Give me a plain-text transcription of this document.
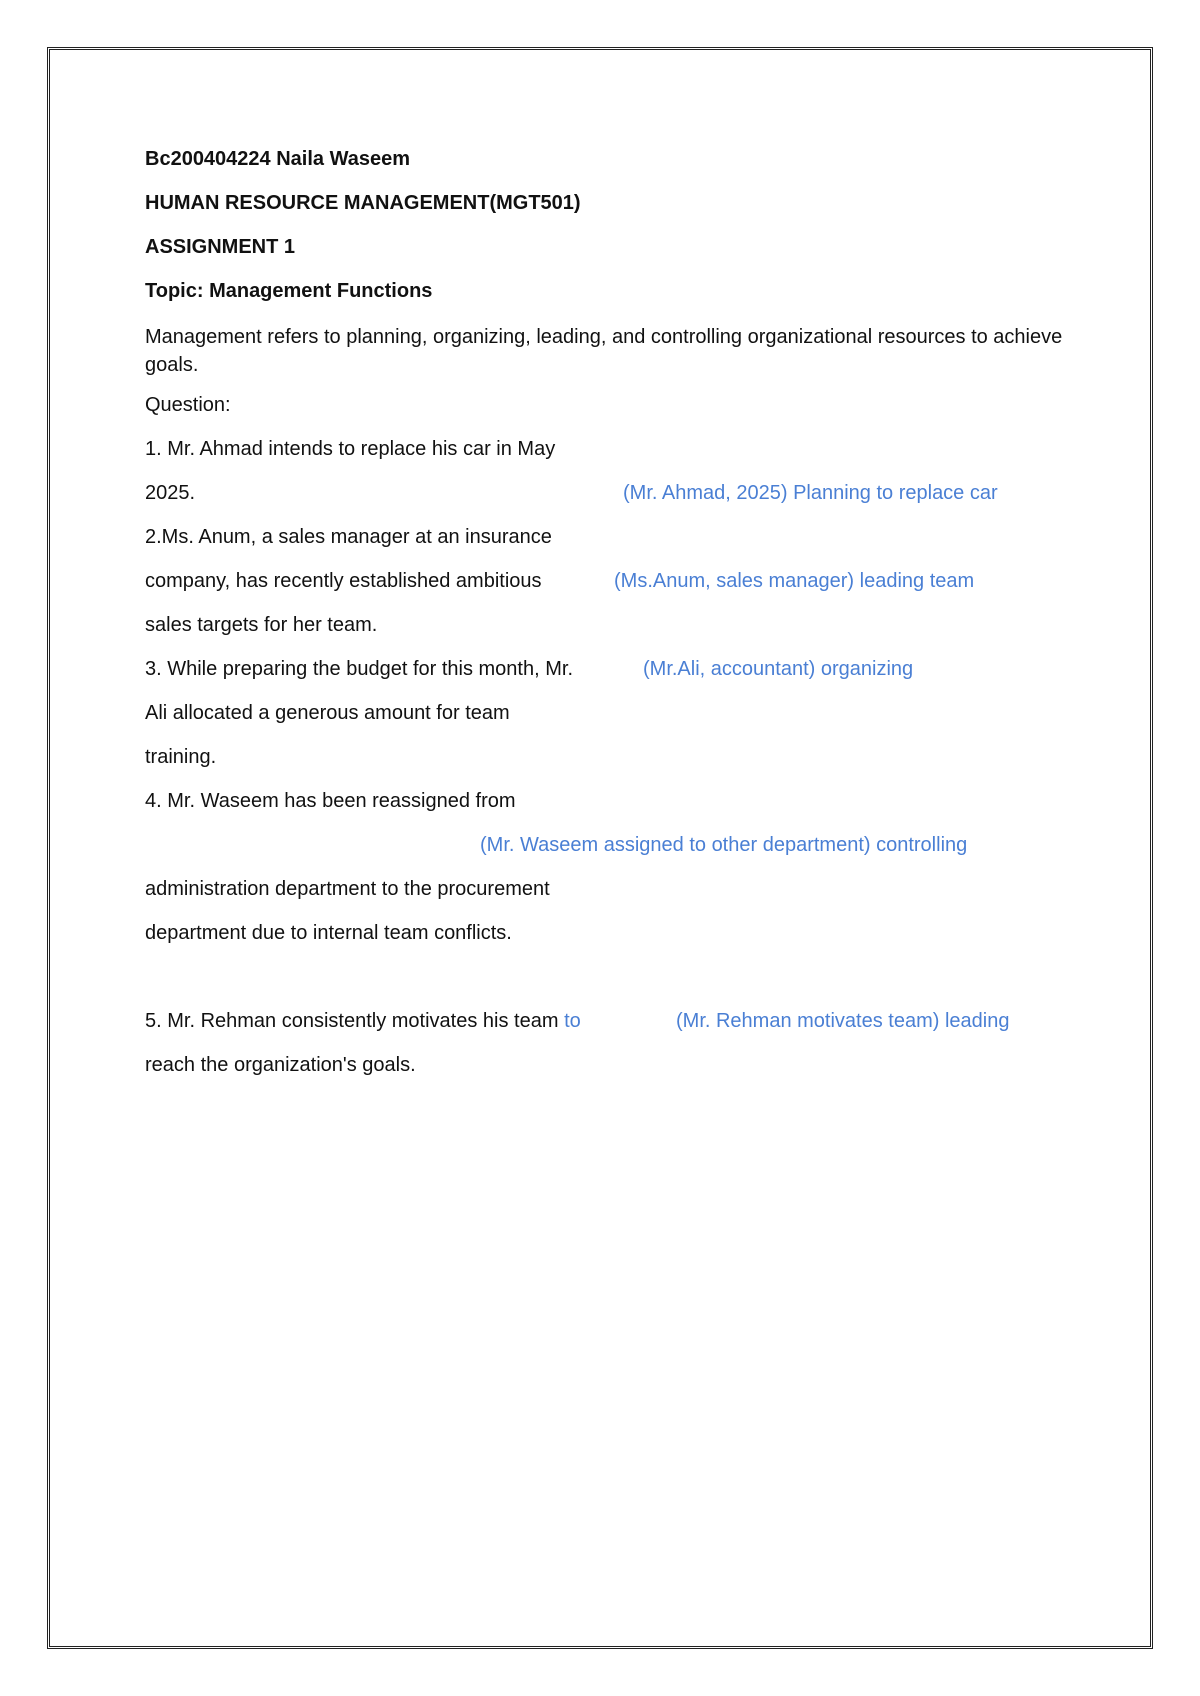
Bc200404224 Naila Waseem
HUMAN RESOURCE MANAGEMENT(MGT501)
ASSIGNMENT 1
Topic: Management Functions
Management refers to planning, organizing, leading, and controlling organizational resources to achieve goals.
Question:
1. Mr. Ahmad intends to replace his car in May
2025.	(Mr. Ahmad, 2025) Planning to replace car
2.Ms. Anum, a sales manager at an insurance
company, has recently established ambitious	(Ms.Anum, sales manager) leading team
sales targets for her team.
3. While preparing the budget for this month, Mr.	(Mr.Ali, accountant) organizing
Ali allocated a generous amount for team
training.
4. Mr. Waseem has been reassigned from
(Mr. Waseem assigned to other department) controlling
administration department to the procurement
department due to internal team conflicts.
5. Mr. Rehman consistently motivates his team to	(Mr. Rehman motivates team) leading
reach the organization's goals.
